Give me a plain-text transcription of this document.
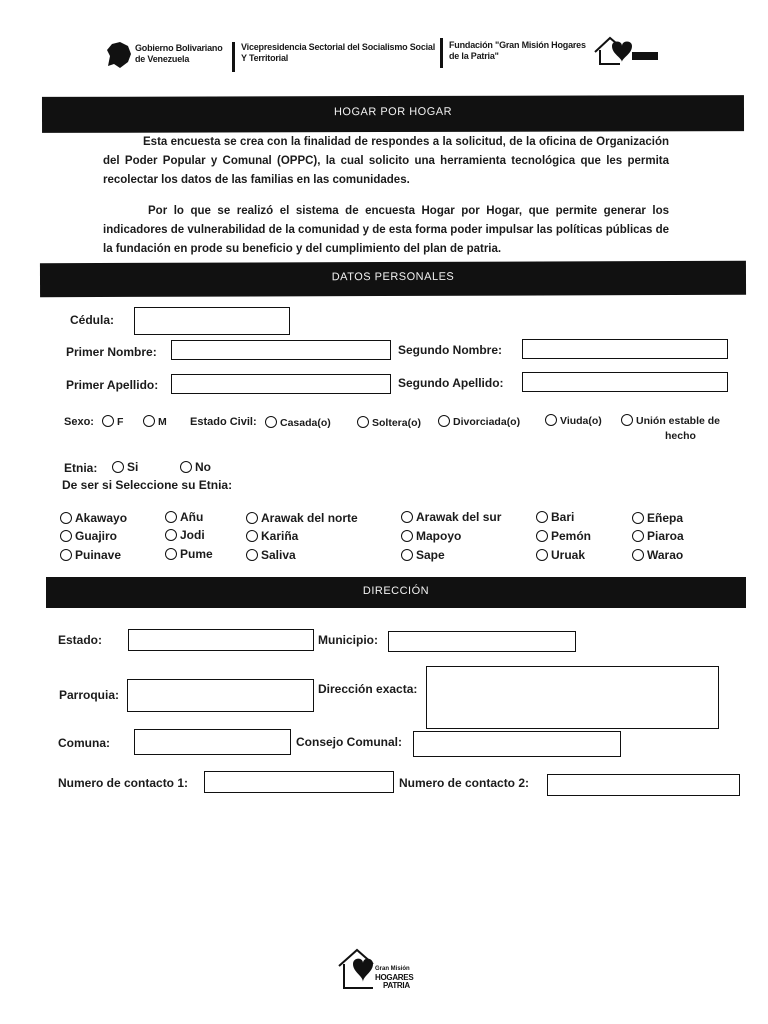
Gobierno Bolivariano
de Venezuela
Vicepresidencia Sectorial del Socialismo Social
Y Territorial
Fundación "Gran Misión Hogares
de la Patria"
HOGAR POR HOGAR
Esta encuesta se crea con la finalidad de respondes a la solicitud, de la oficina de Organización del Poder Popular y Comunal (OPPC), la cual solicito una herramienta tecnológica que les permita recolectar los datos de las familias en las comunidades.
Por lo que se realizó el sistema de encuesta Hogar por Hogar, que permite generar los indicadores de vulnerabilidad de la comunidad y de esta forma poder impulsar las políticas públicas de la fundación en prode su beneficio y del cumplimiento del plan de patria.
DATOS PERSONALES
Cédula:
Primer Nombre:	Segundo Nombre:
Primer Apellido:	Segundo Apellido:
Sexo:	F	M Estado Civil:	Casada(o)	Soltera(o)	Divorciada(o)	Viuda(o)	Unión estable de
hecho
Etnia:	Si	No
De ser si Seleccione su Etnia:
Akawayo
Guajiro
Puinave
Añu
Jodi
Pume
Arawak del norte
Kariña
Saliva
Arawak del sur
Mapoyo
Sape
Bari
Pemón
Uruak
Eñepa
Piaroa
Warao
DIRECCIÓN
Estado:	Municipio:
Parroquia:	Dirección exacta:
Comuna:	Consejo Comunal:
Numero de contacto 1:	Numero de contacto 2:
Gran Misión
HOGARES
PATRIA
